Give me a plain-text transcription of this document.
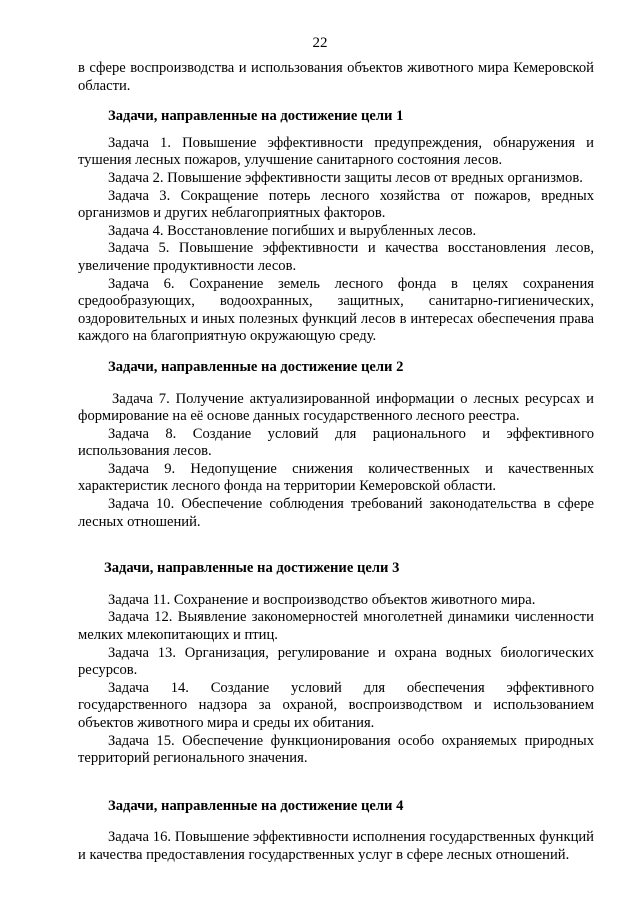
22

в сфере воспроизводства и использования объектов животного мира Кемеровской области.

Задачи, направленные на достижение цели 1

Задача 1. Повышение эффективности предупреждения, обнаружения и тушения лесных пожаров, улучшение санитарного состояния лесов.

Задача 2. Повышение эффективности защиты лесов от вредных организмов.

Задача 3. Сокращение потерь лесного хозяйства от пожаров, вредных организмов и других неблагоприятных факторов.

Задача 4. Восстановление погибших и вырубленных лесов.

Задача 5. Повышение эффективности и качества восстановления лесов, увеличение продуктивности лесов.

Задача 6. Сохранение земель лесного фонда в целях сохранения средообразующих, водоохранных, защитных, санитарно-гигиенических, оздоровительных и иных полезных функций лесов в интересах обеспечения права каждого на благоприятную окружающую среду.

Задачи, направленные на достижение цели 2

Задача 7. Получение актуализированной информации о лесных ресурсах и формирование на её основе данных государственного лесного реестра.

Задача 8. Создание условий для рационального и эффективного использования лесов.

Задача 9. Недопущение снижения количественных и качественных характеристик лесного фонда на территории Кемеровской области.

Задача 10. Обеспечение соблюдения требований законодательства в сфере лесных отношений.

Задачи, направленные на достижение цели 3

Задача 11. Сохранение и воспроизводство объектов животного мира.

Задача 12. Выявление закономерностей многолетней динамики численности мелких млекопитающих и птиц.

Задача 13. Организация, регулирование и охрана водных биологических ресурсов.

Задача 14. Создание условий для обеспечения эффективного государственного надзора за охраной, воспроизводством и использованием объектов животного мира и среды их обитания.

Задача 15. Обеспечение функционирования особо охраняемых природных территорий регионального значения.

Задачи, направленные на достижение цели 4

Задача 16. Повышение эффективности исполнения государственных функций и качества предоставления государственных услуг в сфере лесных отношений.
